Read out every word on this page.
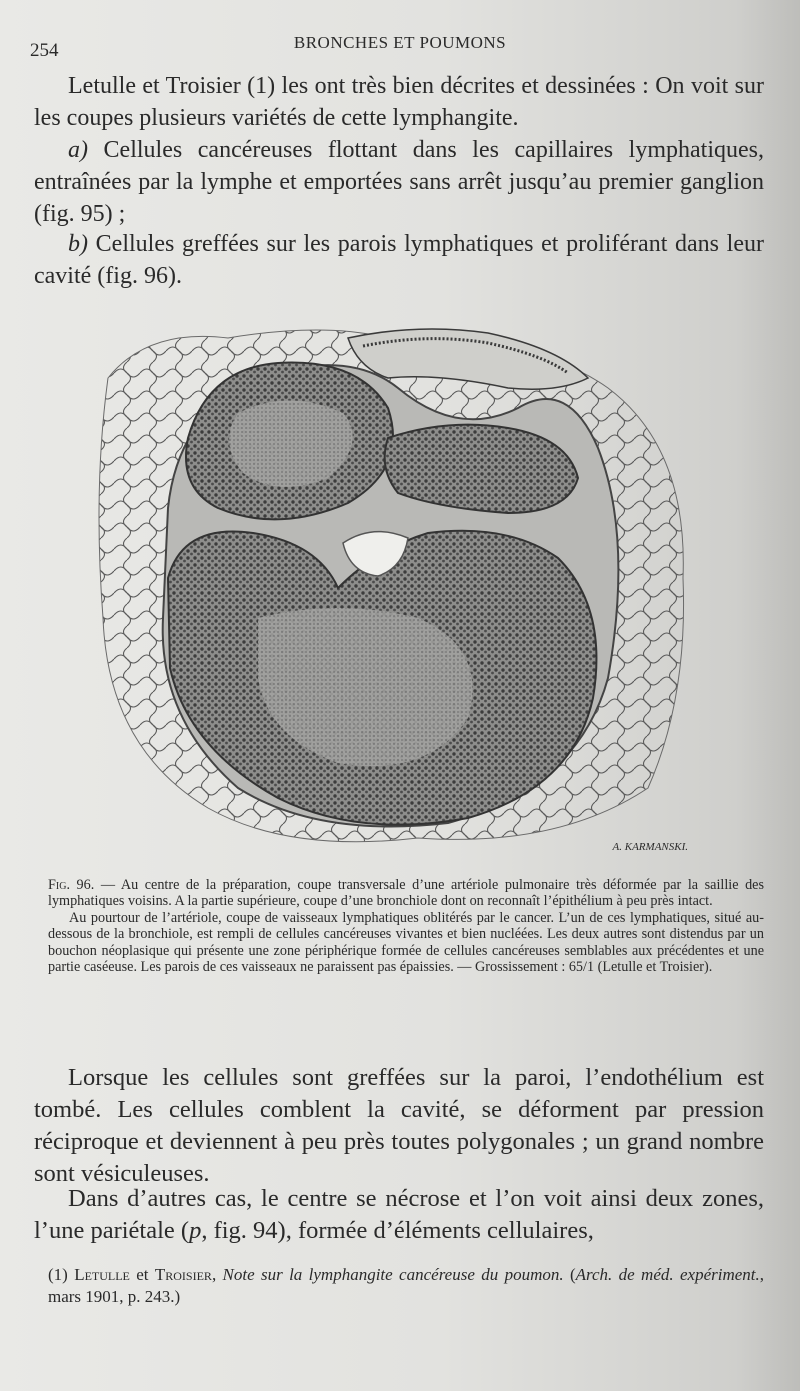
254	BRONCHES ET POUMONS

Letulle et Troisier (1) les ont très bien décrites et dessinées : On voit sur les coupes plusieurs variétés de cette lymphangite.

a) Cellules cancéreuses flottant dans les capillaires lymphatiques, entraînées par la lymphe et emportées sans arrêt jusqu’au premier ganglion (fig. 95) ;

b) Cellules greffées sur les parois lymphatiques et proliférant dans leur cavité (fig. 96).

A. KARMANSKI.

Fig. 96. — Au centre de la préparation, coupe transversale d’une artériole pulmonaire très déformée par la saillie des lymphatiques voisins. A la partie supérieure, coupe d’une bronchiole dont on reconnaît l’épithélium à peu près intact.

Au pourtour de l’artériole, coupe de vaisseaux lymphatiques oblitérés par le cancer. L’un de ces lymphatiques, situé au-dessous de la bronchiole, est rempli de cellules cancéreuses vivantes et bien nucléées. Les deux autres sont distendus par un bouchon néoplasique qui présente une zone périphérique formée de cellules cancéreuses semblables aux précédentes et une partie caséeuse. Les parois de ces vaisseaux ne paraissent pas épaissies. — Grossissement : 65/1 (Letulle et Troisier).

Lorsque les cellules sont greffées sur la paroi, l’endothélium est tombé. Les cellules comblent la cavité, se déforment par pression réciproque et deviennent à peu près toutes polygonales ; un grand nombre sont vésiculeuses.

Dans d’autres cas, le centre se nécrose et l’on voit ainsi deux zones, l’une pariétale (p, fig. 94), formée d’éléments cellulaires,

(1) Letulle et Troisier, Note sur la lymphangite cancéreuse du poumon. (Arch. de méd. expériment., mars 1901, p. 243.)
